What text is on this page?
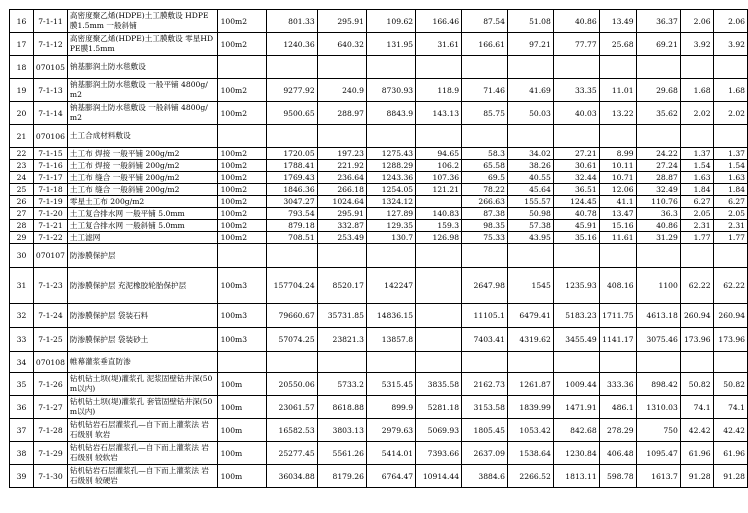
16	7-1-11	高密度聚乙烯(HDPE)土工膜敷设 HDPE膜1.5mm 一般斜铺	100m2	801.33	295.91	109.62	166.46	87.54	51.08	40.86	13.49	36.37	2.06	2.06
17	7-1-12	高密度聚乙烯(HDPE)土工膜敷设 零星HDPE膜1.5mm	100m2	1240.36	640.32	131.95	31.61	166.61	97.21	77.77	25.68	69.21	3.92	3.92
18	070105	钠基膨润土防水毯敷设												
19	7-1-13	钠基膨润土防水毯敷设 一般平铺 4800g/m2	100m2	9277.92	240.9	8730.93	118.9	71.46	41.69	33.35	11.01	29.68	1.68	1.68
20	7-1-14	钠基膨润土防水毯敷设 一般斜铺 4800g/m2	100m2	9500.65	288.97	8843.9	143.13	85.75	50.03	40.03	13.22	35.62	2.02	2.02
21	070106	土工合成材料敷设												
22	7-1-15	土工布 焊接 一般平铺 200g/m2	100m2	1720.05	197.23	1275.43	94.65	58.3	34.02	27.21	8.99	24.22	1.37	1.37
23	7-1-16	土工布 焊接 一般斜铺 200g/m2	100m2	1788.41	221.92	1288.29	106.2	65.58	38.26	30.61	10.11	27.24	1.54	1.54
24	7-1-17	土工布 缝合 一般平铺 200g/m2	100m2	1769.43	236.64	1243.36	107.36	69.5	40.55	32.44	10.71	28.87	1.63	1.63
25	7-1-18	土工布 缝合 一般斜铺 200g/m2	100m2	1846.36	266.18	1254.05	121.21	78.22	45.64	36.51	12.06	32.49	1.84	1.84
26	7-1-19	零星土工布 200g/m2	100m2	3047.27	1024.64	1324.12		266.63	155.57	124.45	41.1	110.76	6.27	6.27
27	7-1-20	土工复合排水网 一般平铺 5.0mm	100m2	793.54	295.91	127.89	140.83	87.38	50.98	40.78	13.47	36.3	2.05	2.05
28	7-1-21	土工复合排水网 一般斜铺 5.0mm	100m2	879.18	332.87	129.35	159.3	98.35	57.38	45.91	15.16	40.86	2.31	2.31
29	7-1-22	土工滤网	100m2	708.51	253.49	130.7	126.98	75.33	43.95	35.16	11.61	31.29	1.77	1.77
30	070107	防渗膜保护层												
31	7-1-23	防渗膜保护层 充泥橡胶轮胎保护层	100m3	157704.24	8520.17	142247		2647.98	1545	1235.93	408.16	1100	62.22	62.22
32	7-1-24	防渗膜保护层 袋装石料	100m3	79660.67	35731.85	14836.15		11105.1	6479.41	5183.23	1711.75	4613.18	260.94	260.94
33	7-1-25	防渗膜保护层 袋装砂土	100m3	57074.25	23821.3	13857.8		7403.41	4319.62	3455.49	1141.17	3075.46	173.96	173.96
34	070108	帷幕灌浆垂直防渗												
35	7-1-26	钻机钻土坝(堤)灌浆孔 泥浆固壁钻井深(50m以内)	100m	20550.06	5733.2	5315.45	3835.58	2162.73	1261.87	1009.44	333.36	898.42	50.82	50.82
36	7-1-27	钻机钻土坝(堤)灌浆孔 套管固壁钻井深(50m以内)	100m	23061.57	8618.88	899.9	5281.18	3153.58	1839.99	1471.91	486.1	1310.03	74.1	74.1
37	7-1-28	钻机钻岩石层灌浆孔—自下而上灌浆法 岩石级别 软岩	100m	16582.53	3803.13	2979.63	5069.93	1805.45	1053.42	842.68	278.29	750	42.42	42.42
38	7-1-29	钻机钻岩石层灌浆孔—自下而上灌浆法 岩石级别 较软岩	100m	25277.45	5561.26	5414.01	7393.66	2637.09	1538.64	1230.84	406.48	1095.47	61.96	61.96
39	7-1-30	钻机钻岩石层灌浆孔—自下而上灌浆法 岩石级别 较硬岩	100m	36034.88	8179.26	6764.47	10914.44	3884.6	2266.52	1813.11	598.78	1613.7	91.28	91.28
